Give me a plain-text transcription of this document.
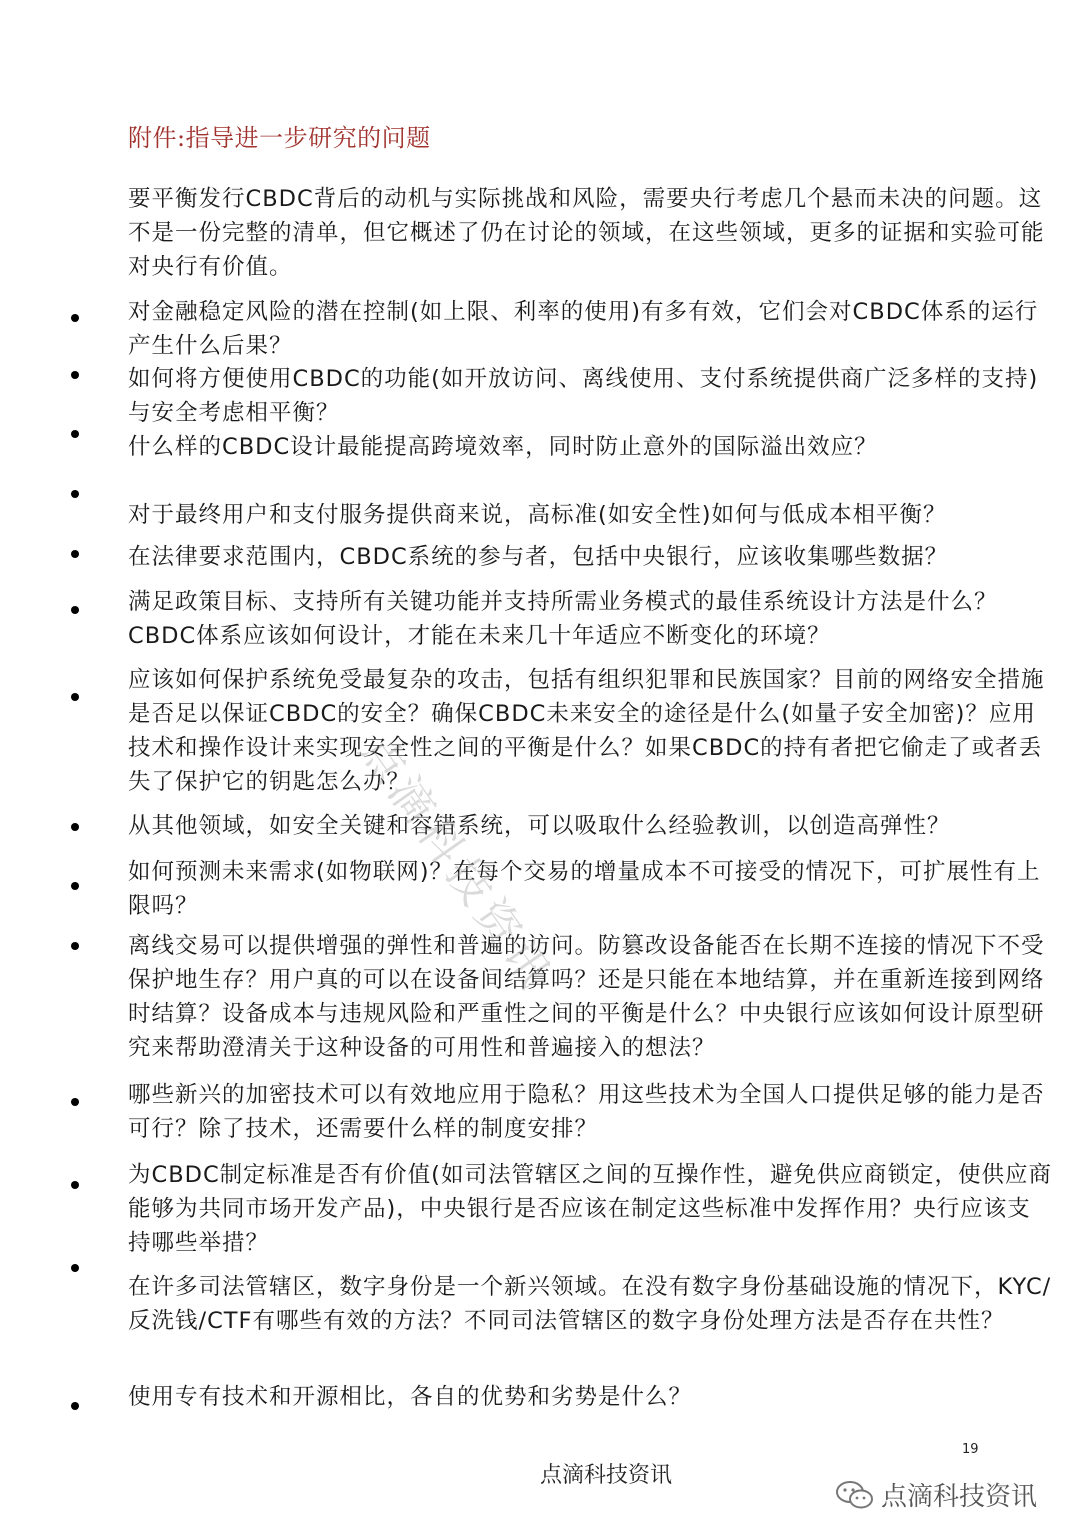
附件:指导进一步研究的问题
要平衡发行CBDC背后的动机与实际挑战和风险，需要央行考虑几个悬而未决的问题。这不是一份完整的清单，但它概述了仍在讨论的领域，在这些领域，更多的证据和实验可能对央行有价值。
对金融稳定风险的潜在控制(如上限、利率的使用)有多有效，它们会对CBDC体系的运行产生什么后果？
如何将方便使用CBDC的功能(如开放访问、离线使用、支付系统提供商广泛多样的支持)与安全考虑相平衡？
什么样的CBDC设计最能提高跨境效率，同时防止意外的国际溢出效应？
对于最终用户和支付服务提供商来说，高标准(如安全性)如何与低成本相平衡？
在法律要求范围内，CBDC系统的参与者，包括中央银行，应该收集哪些数据？
满足政策目标、支持所有关键功能并支持所需业务模式的最佳系统设计方法是什么？CBDC体系应该如何设计，才能在未来几十年适应不断变化的环境？
应该如何保护系统免受最复杂的攻击，包括有组织犯罪和民族国家？目前的网络安全措施是否足以保证CBDC的安全？确保CBDC未来安全的途径是什么(如量子安全加密)？应用技术和操作设计来实现安全性之间的平衡是什么？如果CBDC的持有者把它偷走了或者丢失了保护它的钥匙怎么办？
从其他领域，如安全关键和容错系统，可以吸取什么经验教训，以创造高弹性？
如何预测未来需求(如物联网)？在每个交易的增量成本不可接受的情况下，可扩展性有上限吗？
离线交易可以提供增强的弹性和普遍的访问。防篡改设备能否在长期不连接的情况下不受保护地生存？用户真的可以在设备间结算吗？还是只能在本地结算，并在重新连接到网络时结算？设备成本与违规风险和严重性之间的平衡是什么？中央银行应该如何设计原型研究来帮助澄清关于这种设备的可用性和普遍接入的想法？
哪些新兴的加密技术可以有效地应用于隐私？用这些技术为全国人口提供足够的能力是否可行？除了技术，还需要什么样的制度安排？
为CBDC制定标准是否有价值(如司法管辖区之间的互操作性，避免供应商锁定，使供应商能够为共同市场开发产品)，中央银行是否应该在制定这些标准中发挥作用？央行应该支持哪些举措？
在许多司法管辖区，数字身份是一个新兴领域。在没有数字身份基础设施的情况下，KYC/反洗钱/CTF有哪些有效的方法？不同司法管辖区的数字身份处理方法是否存在共性？
使用专有技术和开源相比，各自的优势和劣势是什么？
点滴科技资讯
19
点滴科技资讯
点滴科技资讯
